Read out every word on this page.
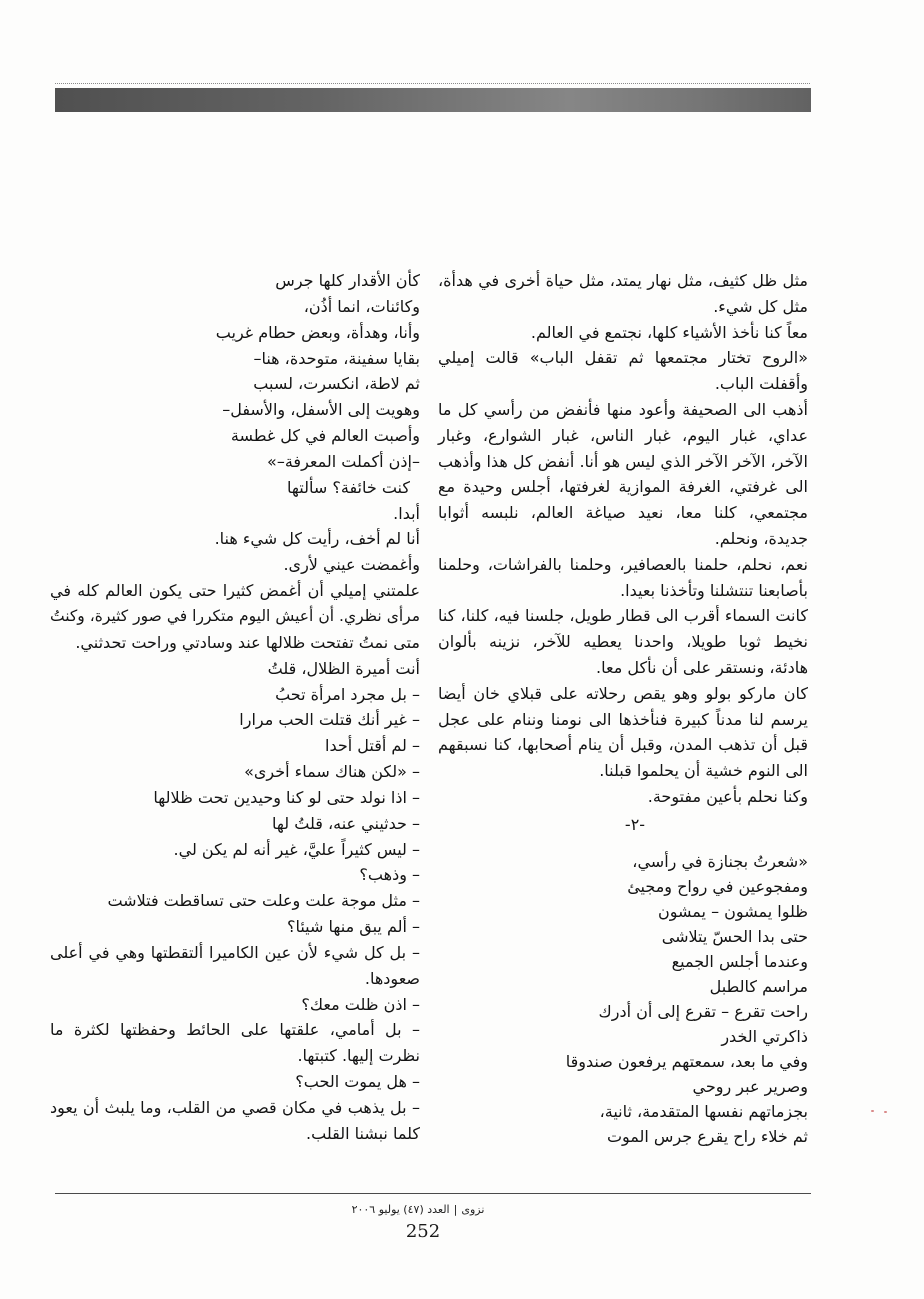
مثل ظل كثيف، مثل نهار يمتد، مثل حياة أخرى في هدأة،
مثل كل شيء.
معاً كنا نأخذ الأشياء كلها، نجتمع في العالم.
«الروح تختار مجتمعها ثم تقفل الباب» قالت إميلي
وأقفلت الباب.
أذهب الى الصحيفة وأعود منها فأنفض من رأسي كل ما
عداي، غبار اليوم، غبار الناس، غبار الشوارع، وغبار
الآخر، الآخر الآخر الذي ليس هو أنا. أنفض كل هذا وأذهب
الى غرفتي، الغرفة الموازية لغرفتها، أجلس وحيدة مع
مجتمعي، كلنا معا، نعيد صياغة العالم، نلبسه أثوابا
جديدة، ونحلم.
نعم، نحلم، حلمنا بالعصافير، وحلمنا بالفراشات، وحلمنا
بأصابعنا تنتشلنا وتأخذنا بعيدا.
كانت السماء أقرب الى قطار طويل، جلسنا فيه، كلنا، كنا
نخيط ثوبا طويلا، واحدنا يعطيه للآخر، نزينه بألوان
هادئة، ونستقر على أن نأكل معا.
كان ماركو بولو وهو يقص رحلاته على قبلاي خان أيضا
يرسم لنا مدناً كبيرة فنأخذها الى نومنا وننام على عجل
قبل أن تذهب المدن، وقبل أن ينام أصحابها، كنا نسبقهم
الى النوم خشية أن يحلموا قبلنا.
وكنا نحلم بأعين مفتوحة.
-٢-
«شعرتُ بجنازة في رأسي،
ومفجوعين في رواح ومجيئ
ظلوا يمشون – يمشون
حتى بدا الحسّ يتلاشى
وعندما أجلس الجميع
مراسم كالطبل
راحت تقرع – تقرع إلى أن أدرك
ذاكرتي الخدر
وفي ما بعد، سمعتهم يرفعون صندوقا
وصرير عبر روحي
بجزماتهم نفسها المتقدمة، ثانية،
ثم خلاء راح يقرع جرس الموت
كأن الأقدار كلها جرس
وكائنات، انما أذُن،
وأنا، وهدأة، وبعض حطام غريب
بقايا سفينة، متوحدة، هنا–
ثم لاطة، انكسرت، لسبب
وهويت إلى الأسفل، والأسفل–
وأصبت العالم في كل غطسة
–إذن أكملت المعرفة–»
كنت خائفة؟ سألتها
أبدا.
أنا لم أخف، رأيت كل شيء هنا.
وأغمضت عيني لأرى.
علمتني إميلي أن أغمض كثيرا حتى يكون العالم كله في
مرأى نظري. أن أعيش اليوم متكررا في صور كثيرة، وكنتُ
متى نمتُ تفتحت ظلالها عند وسادتي وراحت تحدثني.
أنت أميرة الظلال، قلتُ
– بل مجرد امرأة تحبُ
– غير أنك قتلت الحب مرارا
– لم أقتل أحدا
– «لكن هناك سماء أخرى»
– اذا نولد حتى لو كنا وحيدين تحت ظلالها
– حدثيني عنه، قلتُ لها
– ليس كثيراً عليَّ، غير أنه لم يكن لي.
– وذهب؟
– مثل موجة علت وعلت حتى تساقطت فتلاشت
– ألم يبق منها شيئا؟
– بل كل شيء لأن عين الكاميرا ألتقطتها وهي في أعلى
صعودها.
– اذن ظلت معك؟
– بل أمامي، علقتها على الحائط وحفظتها لكثرة ما
نظرت إليها. كتبتها.
– هل يموت الحب؟
– بل يذهب في مكان قصي من القلب، وما يلبث أن يعود
كلما نبشنا القلب.
نزوى|العدد (٤٧) يوليو ٢٠٠٦
252
